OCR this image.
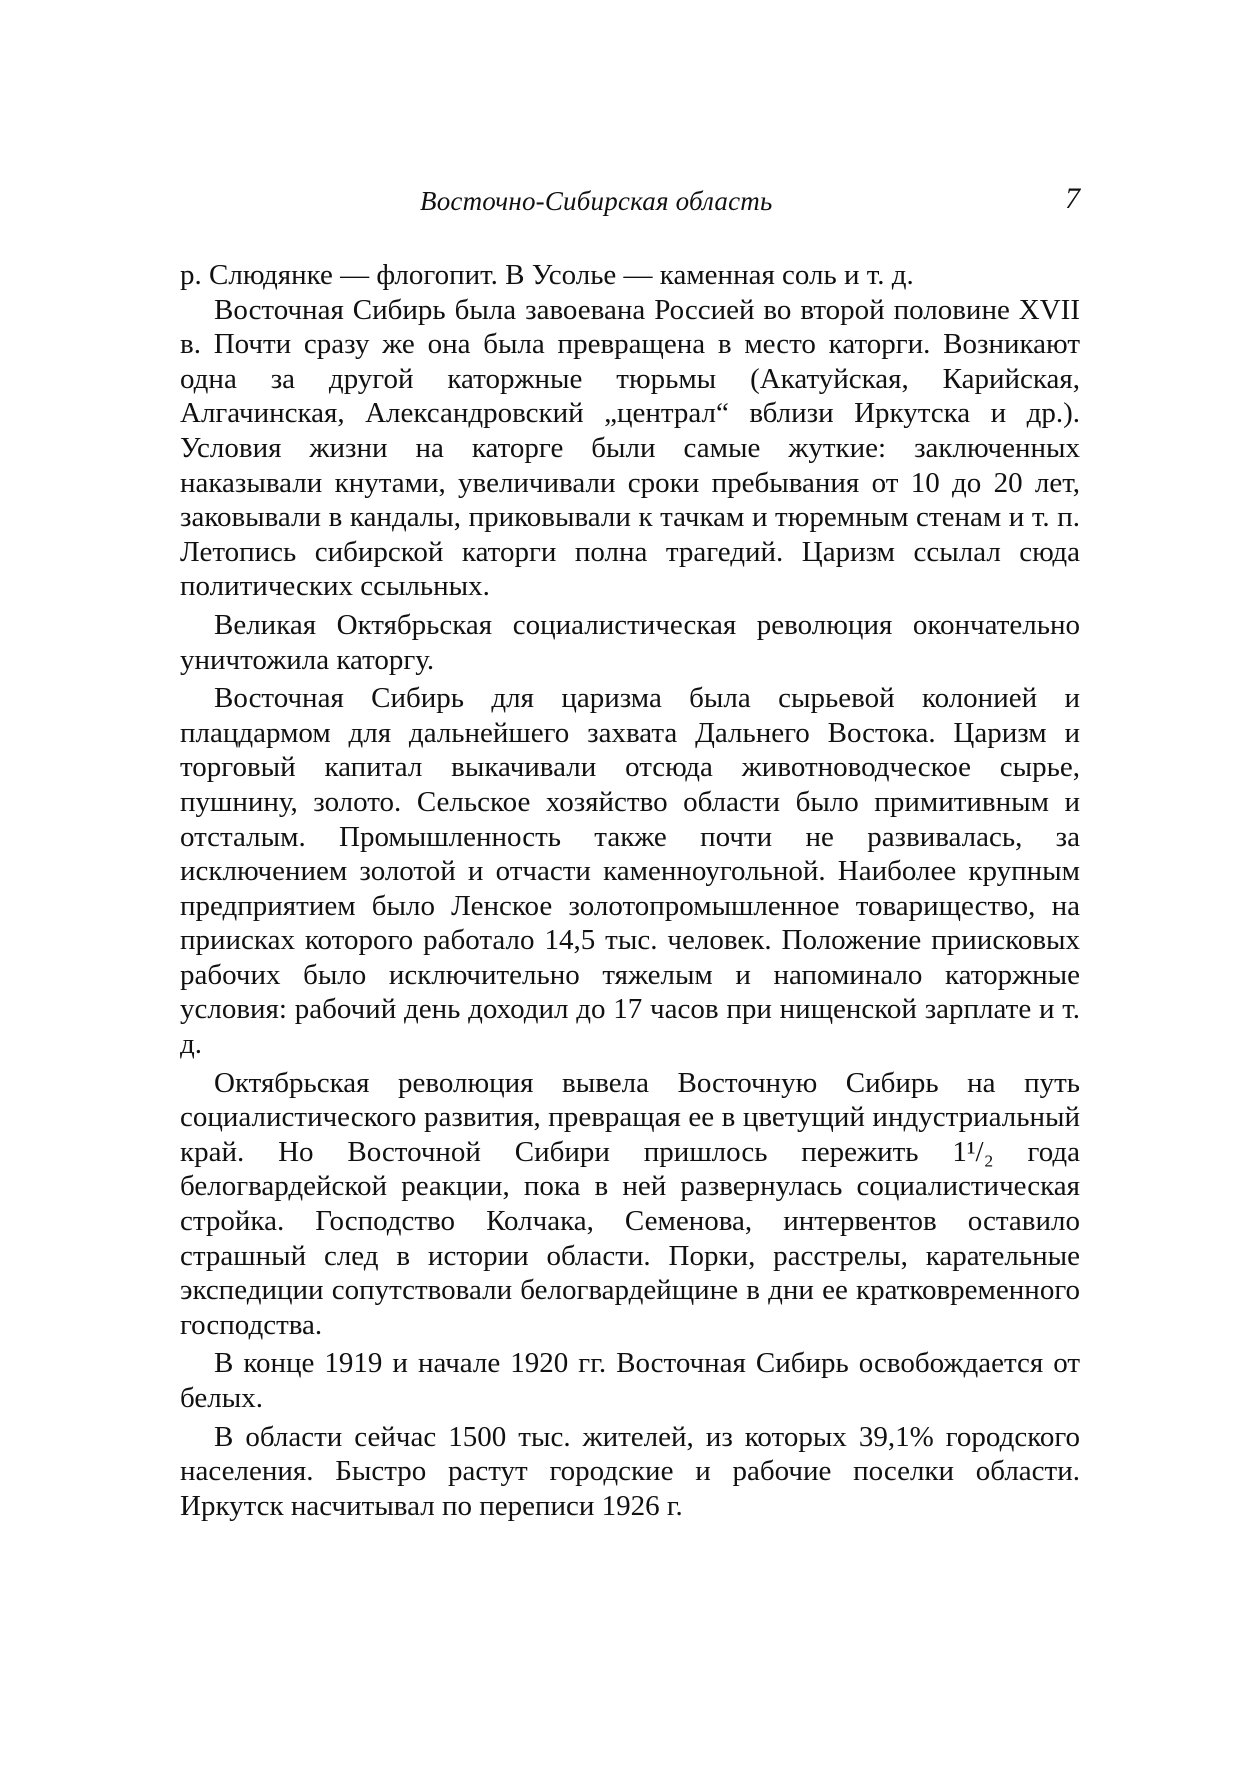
Восточно-Сибирская область	7

р. Слюдянке — флогопит. В Усолье — каменная соль и т. д.

Восточная Сибирь была завоевана Россией во второй половине XVII в. Почти сразу же она была превращена в место каторги. Возникают одна за другой каторжные тюрьмы (Акатуйская, Карийская, Алгачинская, Александровский „централ“ вблизи Иркутска и др.). Условия жизни на каторге были самые жуткие: заключенных наказывали кнутами, увеличивали сроки пребывания от 10 до 20 лет, заковывали в кандалы, приковывали к тачкам и тюремным стенам и т. п. Летопись сибирской каторги полна трагедий. Царизм ссылал сюда политических ссыльных.

Великая Октябрьская социалистическая революция окончательно уничтожила каторгу.

Восточная Сибирь для царизма была сырьевой колонией и плацдармом для дальнейшего захвата Дальнего Востока. Царизм и торговый капитал выкачивали отсюда животноводческое сырье, пушнину, золото. Сельское хозяйство области было примитивным и отсталым. Промышленность также почти не развивалась, за исключением золотой и отчасти каменноугольной. Наиболее крупным предприятием было Ленское золотопромышленное товарищество, на приисках которого работало 14,5 тыс. человек. Положение приисковых рабочих было исключительно тяжелым и напоминало каторжные условия: рабочий день доходил до 17 часов при нищенской зарплате и т. д.

Октябрьская революция вывела Восточную Сибирь на путь социалистического развития, превращая ее в цветущий индустриальный край. Но Восточной Сибири пришлось пережить 1¹/₂ года белогвардейской реакции, пока в ней развернулась социалистическая стройка. Господство Колчака, Семенова, интервентов оставило страшный след в истории области. Порки, расстрелы, карательные экспедиции сопутствовали белогвардейщине в дни ее кратковременного господства.

В конце 1919 и начале 1920 гг. Восточная Сибирь освобождается от белых.

В области сейчас 1500 тыс. жителей, из которых 39,1% городского населения. Быстро растут городские и рабочие поселки области. Иркутск насчитывал по переписи 1926 г.
